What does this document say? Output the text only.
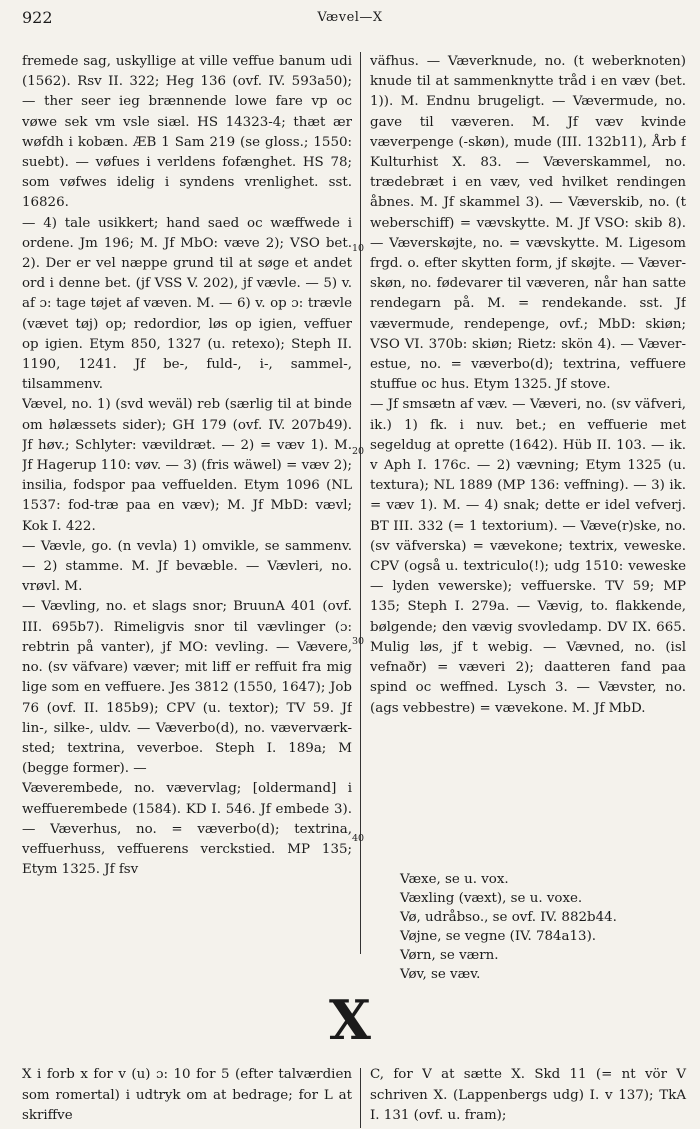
922	Vævel—X

fremede sag, uskyllige at ville veffue banum udi (1562). Rsv II. 322; Heg 136 (ovf. IV. 593a50); — ther seer ieg brænnende lowe farе vp oc vøwe sek vm vsle siæl. HS 14323-4; thæt ær wøfdh i kobæn. ÆB 1 Sam 219 (se gloss.; 1550: suebt). — vøfues i verldens fofænghet. HS 78; som vøfwes idelig i syndens vrenlighet. sst. 16826.

— 4) tale usikkert; hand saed oc wæffwede i ordene. Jm 196; M. Jf MbO: væve 2); VSO bet. 2). Der er vel næppe grund til at søge et andet ord i denne bet. (jf VSS V. 202), jf vævle. — 5) v. af ɔ: tage tøjet af væven. M. — 6) v. op ɔ: trævle (vævet tøj) op; redordior, løs op igien, veffuer op igien. Etym 850, 1327 (u. retexo); Steph II. 1190, 1241. Jf be-, fuld-, i-, sammel-, tilsammenv.

Vævel, no. 1) (svd weväl) reb (særlig til at binde om hølæssets sider); GH 179 (ovf. IV. 207b49). Jf høv.; Schlyter: vævildræt. — 2) = væv 1). M. Jf Hagerup 110: vøv. — 3) (fris wäwel) = væv 2); insilia, fodspor paa veffuelden. Etym 1096 (NL 1537: fod-træ paa en væv); M. Jf MbD: vævl; Kok I. 422.

— Vævle, go. (n vevla) 1) omvikle, se sammenv. — 2) stamme. M. Jf bevæble. — Vævleri, no. vrøvl. M.

— Vævling, no. et slags snor; BruunA 401 (ovf. III. 695b7). Rimeligvis snor til vævlinger (ɔ: rebtrin på vanter), jf MO: vevling. — Vævere, no. (sv väfvare) væver; mit liff er reffuit fra mig lige som en veffuere. Jes 3812 (1550, 1647); Job 76 (ovf. II. 185b9); CPV (u. textor); TV 59. Jf lin-, silke-, uldv. — Væverbo(d), no. væverværksted; textrina, veverboe. Steph I. 189a; M (begge former). —

Væverembede, no. vævervlag; [oldermand] i weffuerembede (1584). KD I. 546. Jf embede 3). — Væverhus, no. = væverbo(d); textrina, veffuerhuss, veffuerens verckstied. MP 135; Etym 1325. Jf fsv

10
20
30
40

väfhus. — Væverknude, no. (t weberknoten) knude til at sammenknytte tråd i en væv (bet. 1)). M. Endnu brugeligt. — Vævermude, no. gave til væveren. M. Jf væv kvinde væverpenge (-skøn), mude (III. 132b11), Årb f Kulturhist X. 83. — Væverskammel, no. trædebræt i en væv, ved hvilket rendingen åbnes. M. Jf skammel 3). — Væverskib, no. (t weberschiff) = vævskytte. M. Jf VSO: skib 8). — Væverskøjte, no. = vævskytte. M. Ligesom frgd. o. efter skytten form, jf skøjte. — Væverskøn, no. fødevarer til væveren, når han satte rendegarn på. M. = rendekande. sst. Jf vævermude, rendepenge, ovf.; MbD: skiøn; VSO VI. 370b: skiøn; Rietz: skön 4). — Væverestue, no. = væverbo(d); textrina, veffuere stuffue oc hus. Etym 1325. Jf stove.

— Jf smsætn af væv. — Væveri, no. (sv väfveri, ik.) 1) fk. i nuv. bet.; en veffuerie met segeldug at oprette (1642). Hüb II. 103. — ik. v Aph I. 176c. — 2) vævning; Etym 1325 (u. textura); NL 1889 (MP 136: veffning). — 3) ik. = væv 1). M. — 4) snak; dette er idel vefverj. BT III. 332 (= 1 textorium). — Væve(r)ske, no. (sv väfverska) = vævekone; textrix, veweske. CPV (også u. textriculo(!); udg 1510: veweske — lyden vewerske); veffuerske. TV 59; MP 135; Steph I. 279a. — Vævig, to. flakkende, bølgende; den vævig svovledamp. DV IX. 665. Mulig løs, jf t webig. — Vævned, no. (isl vefnaðr) = væveri 2); daatteren fand paa spind oc weffned. Lysch 3. — Vævster, no. (ags vebbestre) = vævekone. M. Jf MbD.

Væxe, se u. vox.
Væxling (væxt), se u. voxe.
Vø, udråbso., se ovf. IV. 882b44.
Vøjne, se vegne (IV. 784a13).
Vørn, se værn.
Vøv, se væv.
X
X i forb x for v (u) ɔ: 10 for 5 (efter talværdien som romertal) i udtryk om at bedrage; for L at skriffve
C, for V at sætte X. Skd 11 (= nt vör V schriven X. (Lappenbergs udg) I. v 137); TkA I. 131 (ovf. u. fram);
